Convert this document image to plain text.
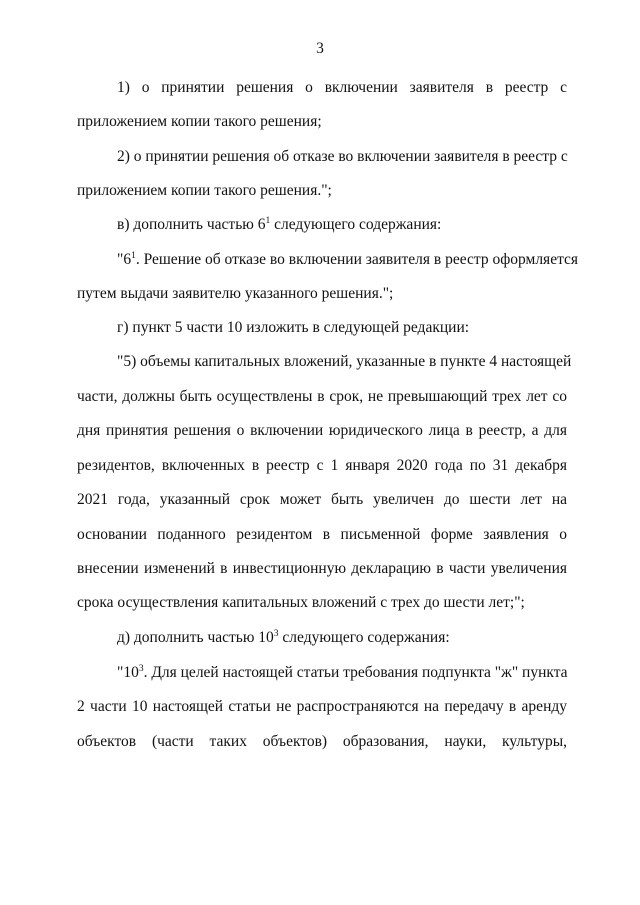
3
1) о принятии решения о включении заявителя в реестр с
приложением копии такого решения;
2) о принятии решения об отказе во включении заявителя в реестр с
приложением копии такого решения.";
в) дополнить частью $6^1$ следующего содержания:
"$6^1$. Решение об отказе во включении заявителя в реестр оформляется
путем выдачи заявителю указанного решения.";
г) пункт 5 части 10 изложить в следующей редакции:
"5) объемы капитальных вложений, указанные в пункте 4 настоящей
части, должны быть осуществлены в срок, не превышающий трех лет со
дня принятия решения о включении юридического лица в реестр, а для
резидентов, включенных в реестр с 1 января 2020 года по 31 декабря
2021 года, указанный срок может быть увеличен до шести лет на
основании поданного резидентом в письменной форме заявления о
внесении изменений в инвестиционную декларацию в части увеличения
срока осуществления капитальных вложений с трех до шести лет;";
д) дополнить частью $10^3$ следующего содержания:
"$10^3$. Для целей настоящей статьи требования подпункта "ж" пункта
2 части 10 настоящей статьи не распространяются на передачу в аренду
объектов (части таких объектов) образования, науки, культуры,
